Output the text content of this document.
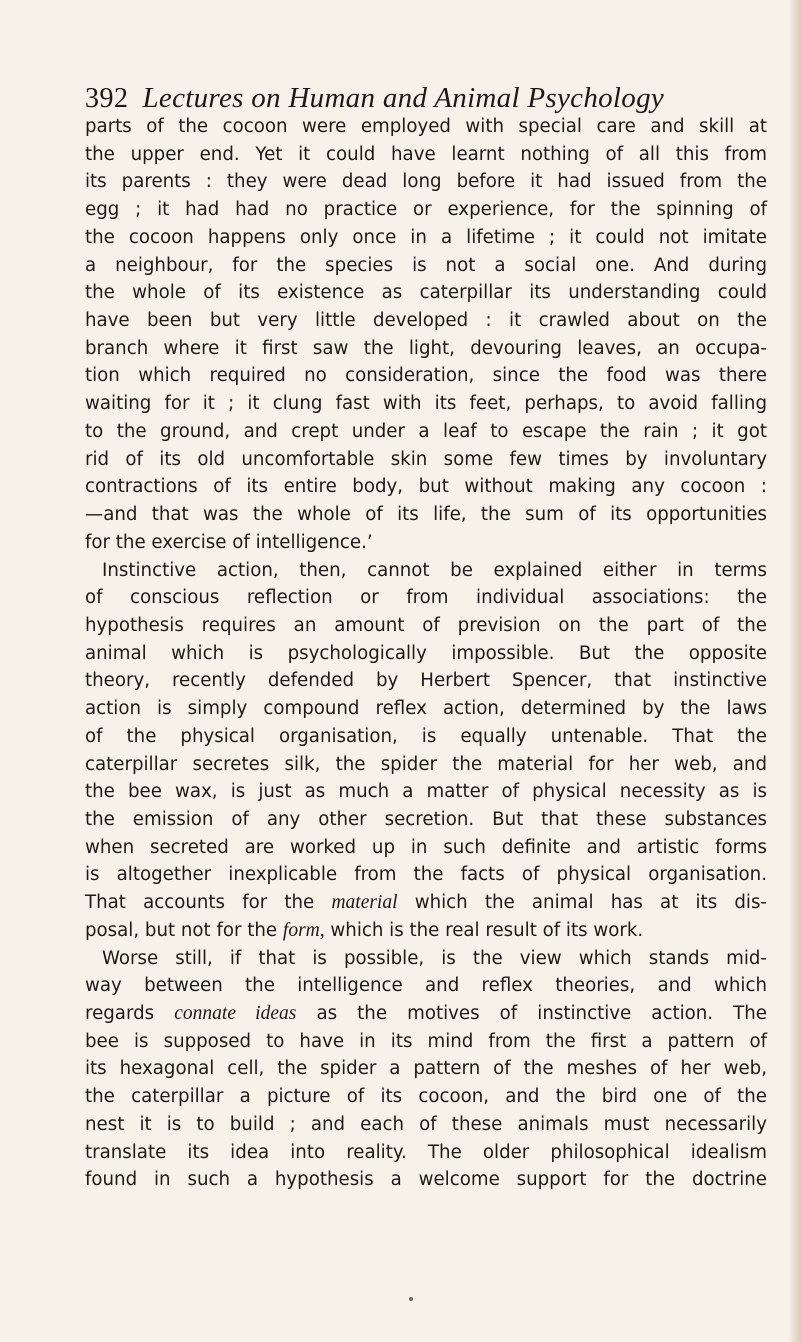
392 Lectures on Human and Animal Psychology
parts of the cocoon were employed with special care and skill at
the upper end. Yet it could have learnt nothing of all this from
its parents : they were dead long before it had issued from the
egg ; it had had no practice or experience, for the spinning of
the cocoon happens only once in a lifetime ; it could not imitate
a neighbour, for the species is not a social one. And during
the whole of its existence as caterpillar its understanding could
have been but very little developed : it crawled about on the
branch where it first saw the light, devouring leaves, an occupa-
tion which required no consideration, since the food was there
waiting for it ; it clung fast with its feet, perhaps, to avoid falling
to the ground, and crept under a leaf to escape the rain ; it got
rid of its old uncomfortable skin some few times by involuntary
contractions of its entire body, but without making any cocoon :
—and that was the whole of its life, the sum of its opportunities
for the exercise of intelligence.’
Instinctive action, then, cannot be explained either in terms
of conscious reflection or from individual associations: the
hypothesis requires an amount of prevision on the part of the
animal which is psychologically impossible. But the opposite
theory, recently defended by Herbert Spencer, that instinctive
action is simply compound reflex action, determined by the laws
of the physical organisation, is equally untenable. That the
caterpillar secretes silk, the spider the material for her web, and
the bee wax, is just as much a matter of physical necessity as is
the emission of any other secretion. But that these substances
when secreted are worked up in such definite and artistic forms
is altogether inexplicable from the facts of physical organisation.
That accounts for the material which the animal has at its dis-
posal, but not for the form, which is the real result of its work.
Worse still, if that is possible, is the view which stands mid-
way between the intelligence and reflex theories, and which
regards connate ideas as the motives of instinctive action. The
bee is supposed to have in its mind from the first a pattern of
its hexagonal cell, the spider a pattern of the meshes of her web,
the caterpillar a picture of its cocoon, and the bird one of the
nest it is to build ; and each of these animals must necessarily
translate its idea into reality. The older philosophical idealism
found in such a hypothesis a welcome support for the doctrine
